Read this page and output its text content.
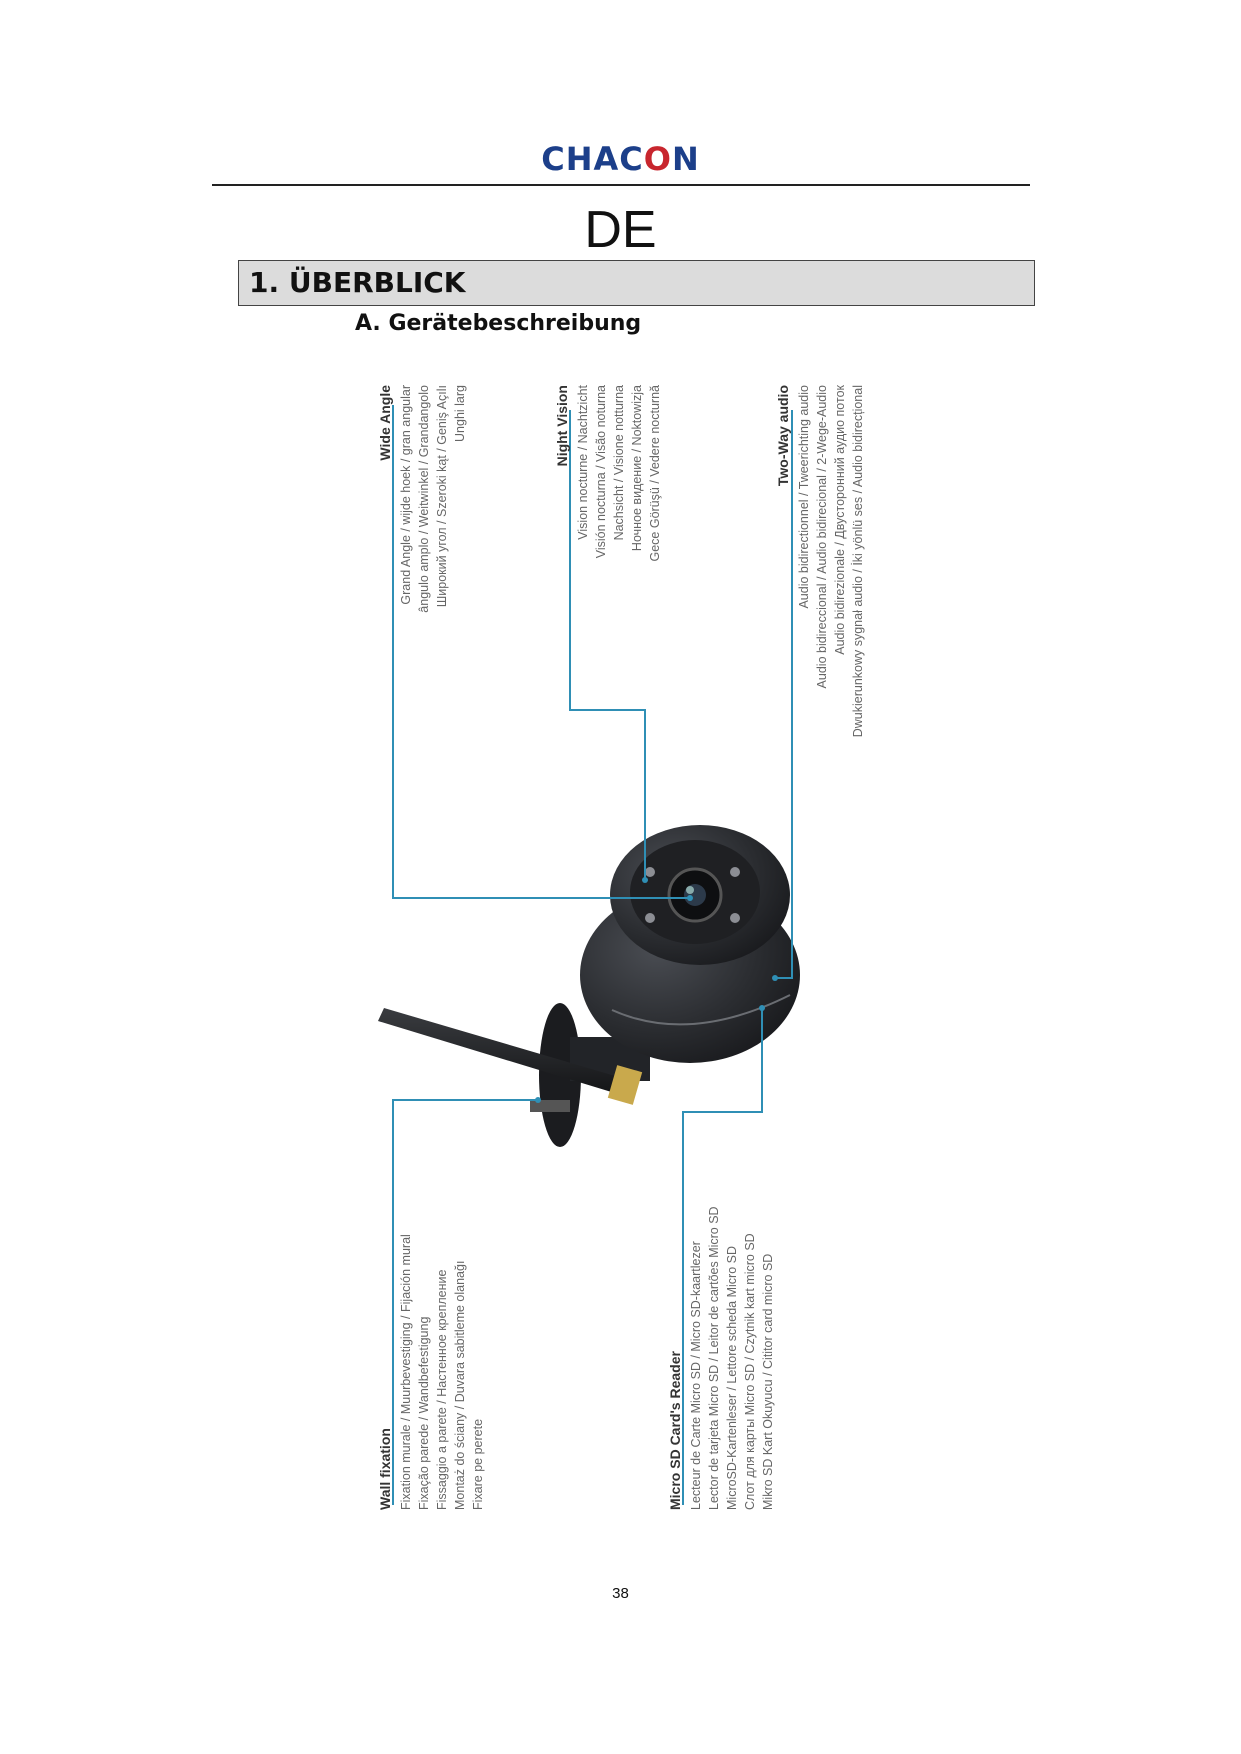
CHACON
DE
1. ÜBERBLICK
A. Gerätebeschreibung
Wide Angle Grand Angle / wijde hoek / gran angular ângulo amplo / Weitwinkel / Grandangolo Широкий угол / Szeroki kąt / Geniş Açılı Unghi larg	Night Vision Vision nocturne / Nachtzicht Visión nocturna / Visão noturna Nachsicht / Visione notturna Ночное видение / Noktowizja Gece Görüşü / Vedere nocturnă	Two-Way audio Audio bidirectionnel / Tweerichting audio Audio bidireccional / Audio bidirecional / 2-Wege-Audio Audio bidirezionale / Двусторонний аудио поток Dwukierunkowy sygnał audio / İki yönlü ses / Audio bidirecțional
Wall fixation Fixation murale / Muurbevestiging / Fijación mural Fixação parede / Wandbefestigung Fissaggio a parete / Настенное крепление Montaż do ściany / Duvara sabitleme olanağı Fixare pe perete	Micro SD Card's Reader Lecteur de Carte Micro SD / Micro SD-kaartlezer Lector de tarjeta Micro SD / Leitor de cartões Micro SD MicroSD-Kartenleser / Lettore scheda Micro SD Слот для карты Micro SD / Czytnik kart micro SD Mikro SD Kart Okuyucu / Cititor card micro SD
38
